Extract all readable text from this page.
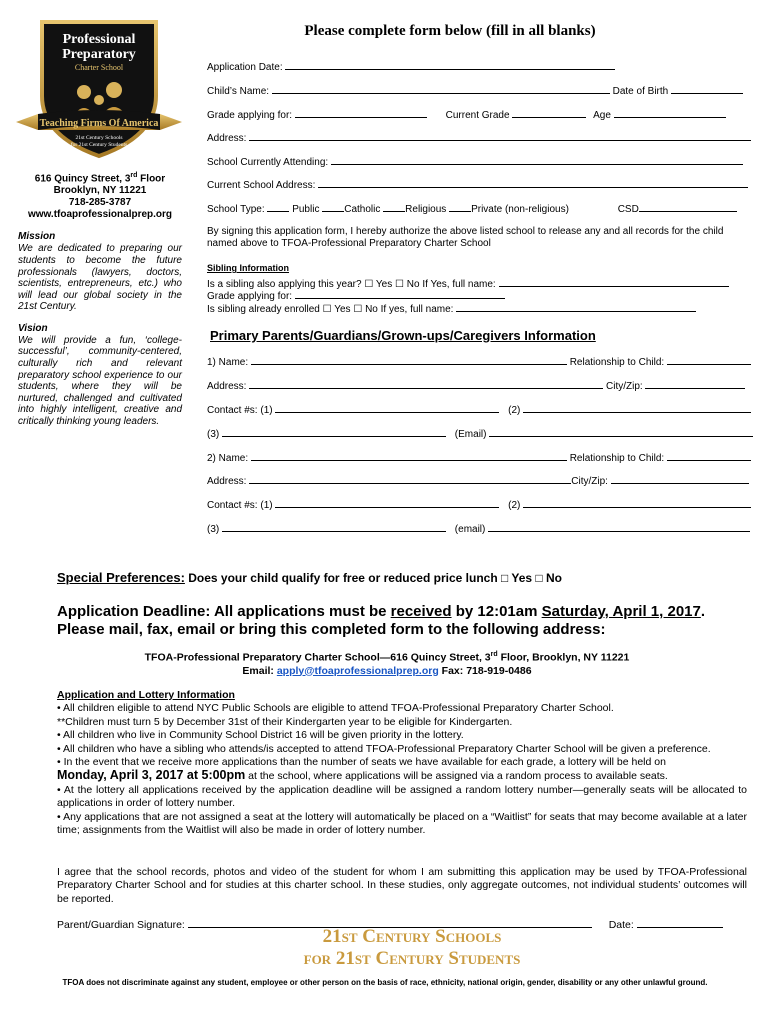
Professional
Preparatory
Charter School
Teaching Firms Of America
21st Century Schools
for 21st Century Students
616 Quincy Street, 3rd Floor
Brooklyn, NY 11221
718-285-3787
www.tfoaprofessionalprep.org
Mission
We are dedicated to preparing our students to become the future professionals (lawyers, doctors, scientists, entrepreneurs, etc.) who will lead our global society in the 21st Century.
Vision
We will provide a fun, ‘college-successful’, community-centered, culturally rich and relevant preparatory school experience to our students, where they will be nurtured, challenged and cultivated into highly intelligent, creative and critically thinking young leaders.
Please complete form below (fill in all blanks)
Application Date:
Child’s Name:	Date of Birth
Grade applying for:	Current Grade	Age
Address:
School Currently Attending:
Current School Address:
School Type:	Public Catholic Religious Private (non-religious)	CSD
By signing this application form, I hereby authorize the above listed school to release any and all records for the child named above to TFOA-Professional Preparatory Charter School
Sibling Information
Is a sibling also applying this year? ☐ Yes ☐ No If Yes, full name:
Grade applying for:
Is sibling already enrolled ☐ Yes ☐ No If yes, full name:
Primary Parents/Guardians/Grown-ups/Caregivers Information
1) Name:	Relationship to Child:
Address:	City/Zip:
Contact #s: (1)	(2)
(3)	(Email)
2) Name:	Relationship to Child:
Address:	City/Zip:
Contact #s: (1)	(2)
(3)	(email)
Special Preferences: Does your child qualify for free or reduced price lunch □ Yes □ No
Application Deadline: All applications must be received by 12:01am Saturday, April 1, 2017. Please mail, fax, email or bring this completed form to the following address:
TFOA-Professional Preparatory Charter School—616 Quincy Street, 3rd Floor, Brooklyn, NY 11221
Email: apply@tfoaprofessionalprep.org Fax: 718-919-0486
Application and Lottery Information
• All children eligible to attend NYC Public Schools are eligible to attend TFOA-Professional Preparatory Charter School.
**Children must turn 5 by December 31st of their Kindergarten year to be eligible for Kindergarten.
• All children who live in Community School District 16 will be given priority in the lottery.
• All children who have a sibling who attends/is accepted to attend TFOA-Professional Preparatory Charter School will be given a preference.
• In the event that we receive more applications than the number of seats we have available for each grade, a lottery will be held on
Monday, April 3, 2017 at 5:00pm at the school, where applications will be assigned via a random process to available seats.
• At the lottery all applications received by the application deadline will be assigned a random lottery number—generally seats will be allocated to applications in order of lottery number.
• Any applications that are not assigned a seat at the lottery will automatically be placed on a “Waitlist” for seats that may become available at a later time; assignments from the Waitlist will also be made in order of lottery number.
I agree that the school records, photos and video of the student for whom I am submitting this application may be used by TFOA-Professional Preparatory Charter School and for studies at this charter school. In these studies, only aggregate outcomes, not individual students’ outcomes will be reported.
Parent/Guardian Signature:	Date:
21st Century Schools
for 21st Century Students
TFOA does not discriminate against any student, employee or other person on the basis of race, ethnicity, national origin, gender, disability or any other unlawful ground.
